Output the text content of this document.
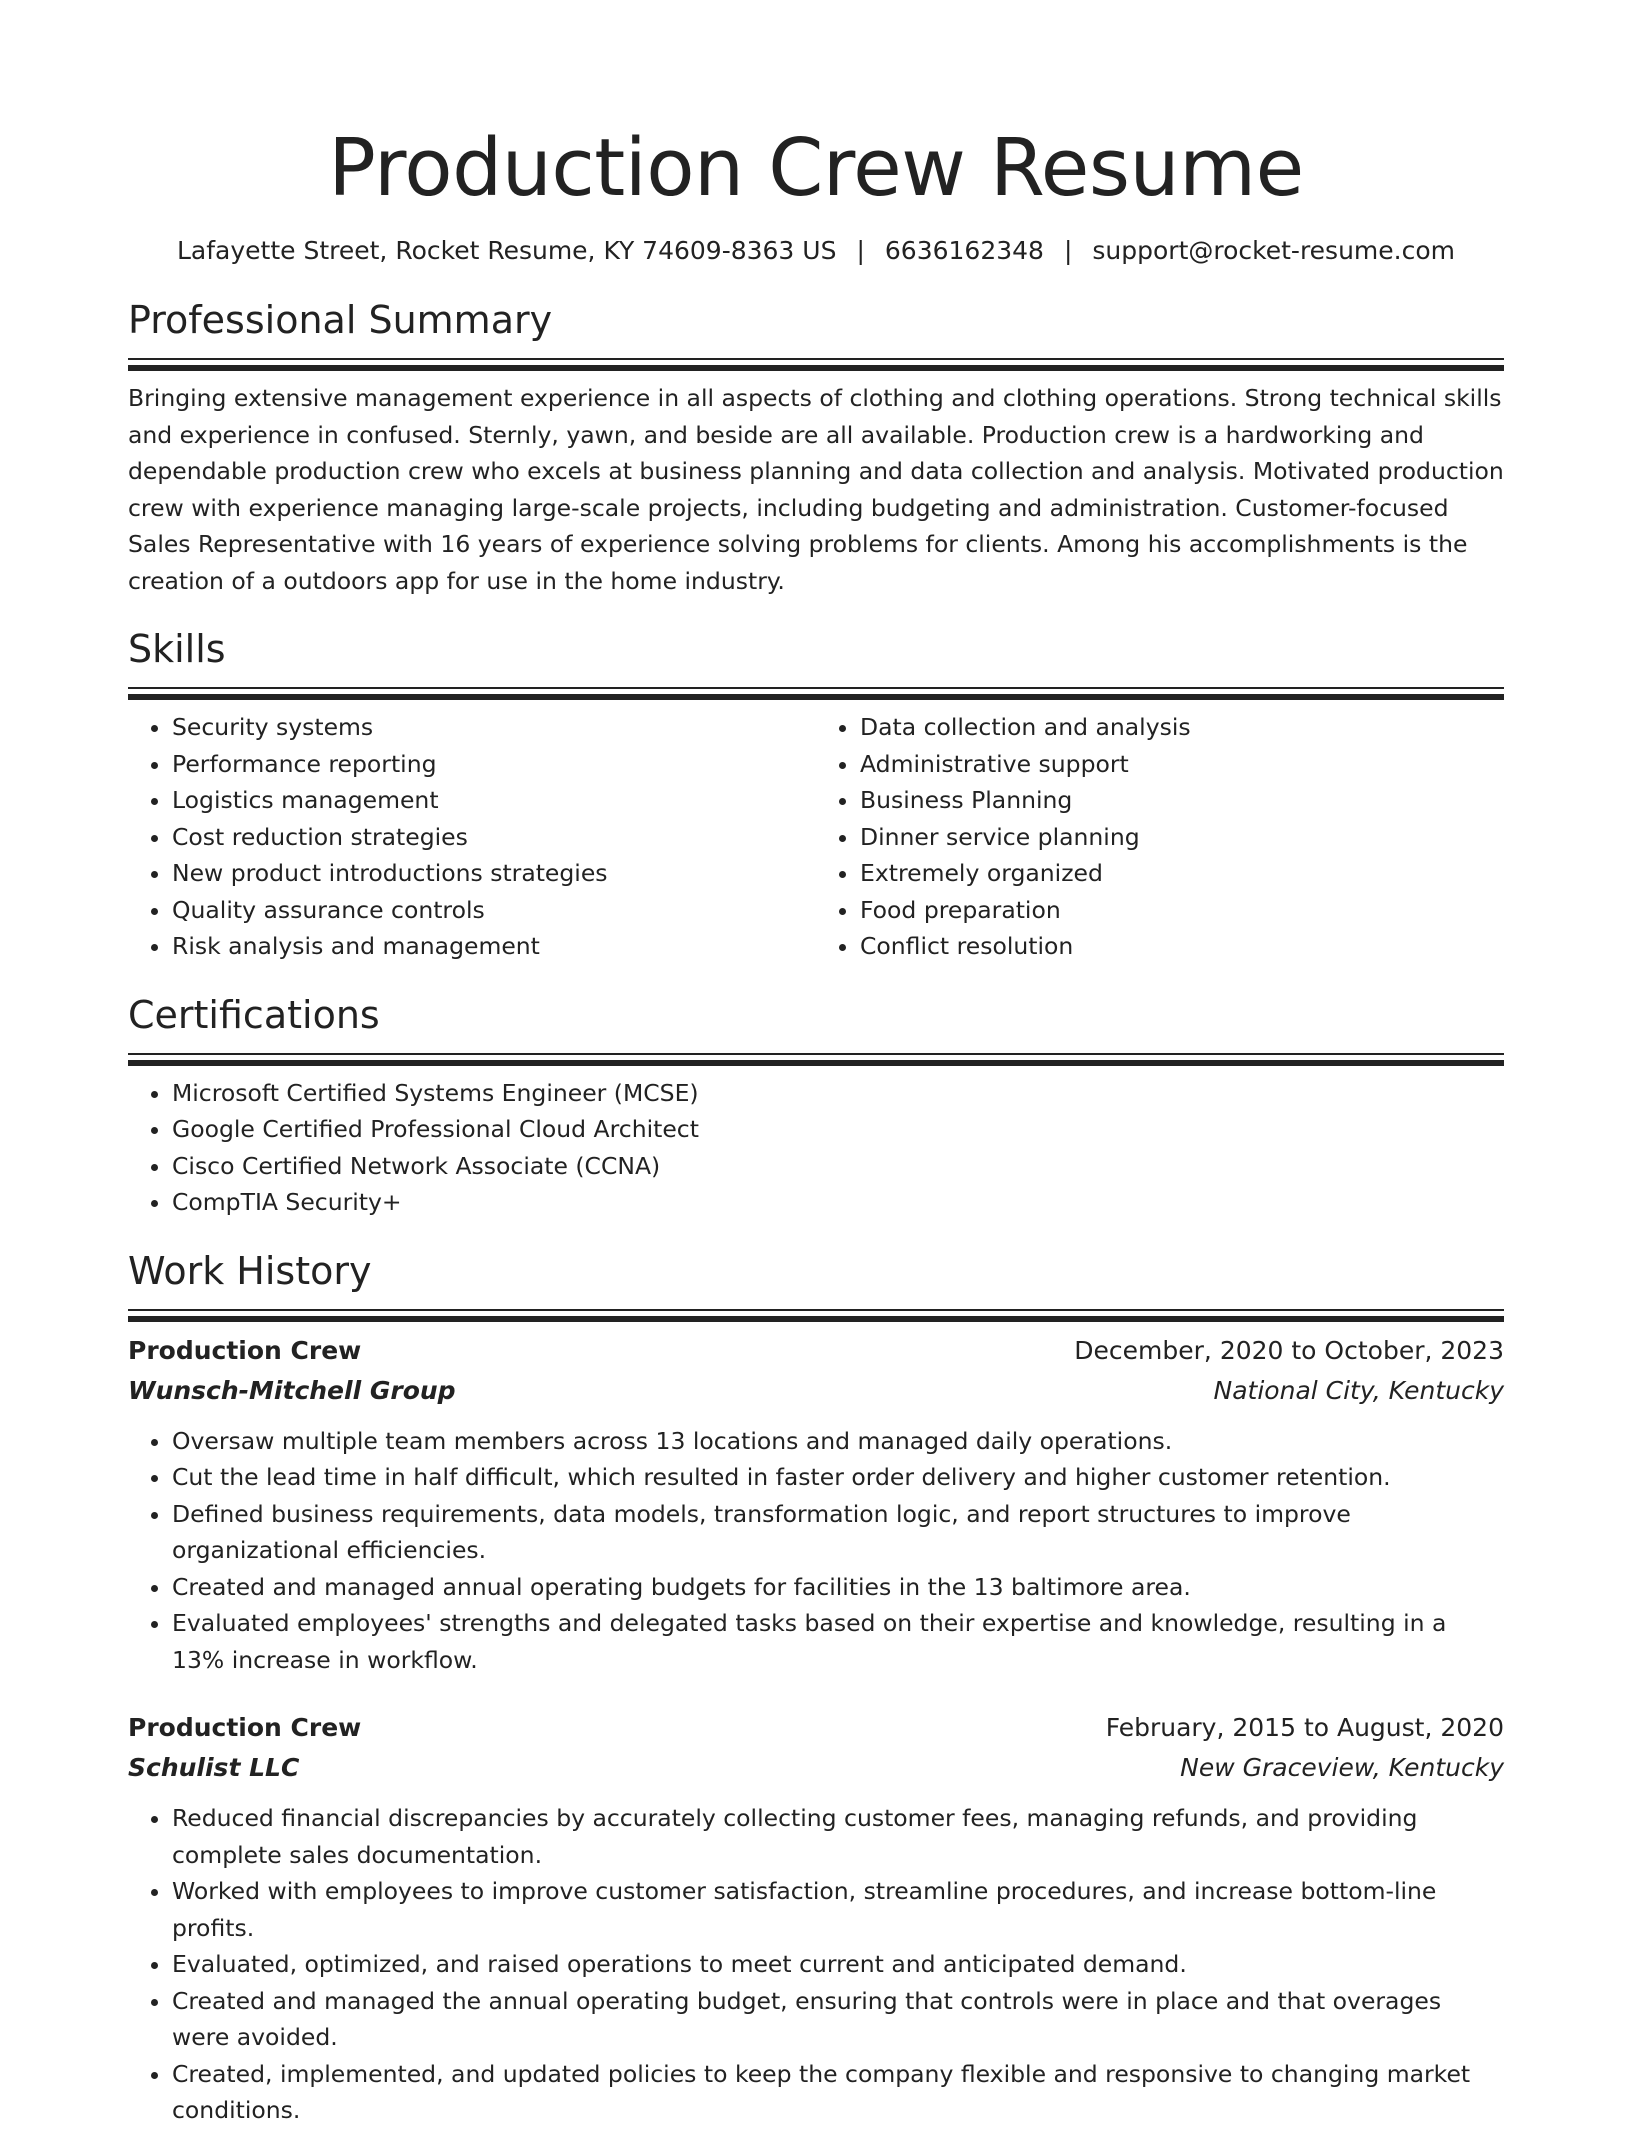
Production Crew Resume
Lafayette Street, Rocket Resume, KY 74609-8363 US | 6636162348 | support@rocket-resume.com
Professional Summary

Bringing extensive management experience in all aspects of clothing and clothing operations. Strong technical skills and experience in confused. Sternly, yawn, and beside are all available. Production crew is a hardworking and dependable production crew who excels at business planning and data collection and analysis. Motivated production crew with experience managing large-scale projects, including budgeting and administration. Customer-focused Sales Representative with 16 years of experience solving problems for clients. Among his accomplishments is the creation of a outdoors app for use in the home industry.

Skills
• Security systems
• Performance reporting
• Logistics management
• Cost reduction strategies
• New product introductions strategies
• Quality assurance controls
• Risk analysis and management
• Data collection and analysis
• Administrative support
• Business Planning
• Dinner service planning
• Extremely organized
• Food preparation
• Conflict resolution
Certifications
• Microsoft Certified Systems Engineer (MCSE)
• Google Certified Professional Cloud Architect
• Cisco Certified Network Associate (CCNA)
• CompTIA Security+
Work History
Production Crew	December, 2020 to October, 2023
Wunsch-Mitchell Group	National City, Kentucky
• Oversaw multiple team members across 13 locations and managed daily operations.
• Cut the lead time in half difficult, which resulted in faster order delivery and higher customer retention.
• Defined business requirements, data models, transformation logic, and report structures to improve organizational efficiencies.
• Created and managed annual operating budgets for facilities in the 13 baltimore area.
• Evaluated employees' strengths and delegated tasks based on their expertise and knowledge, resulting in a 13% increase in workflow.
Production Crew	February, 2015 to August, 2020
Schulist LLC	New Graceview, Kentucky
• Reduced financial discrepancies by accurately collecting customer fees, managing refunds, and providing complete sales documentation.
• Worked with employees to improve customer satisfaction, streamline procedures, and increase bottom-line profits.
• Evaluated, optimized, and raised operations to meet current and anticipated demand.
• Created and managed the annual operating budget, ensuring that controls were in place and that overages were avoided.
• Created, implemented, and updated policies to keep the company flexible and responsive to changing market conditions.
